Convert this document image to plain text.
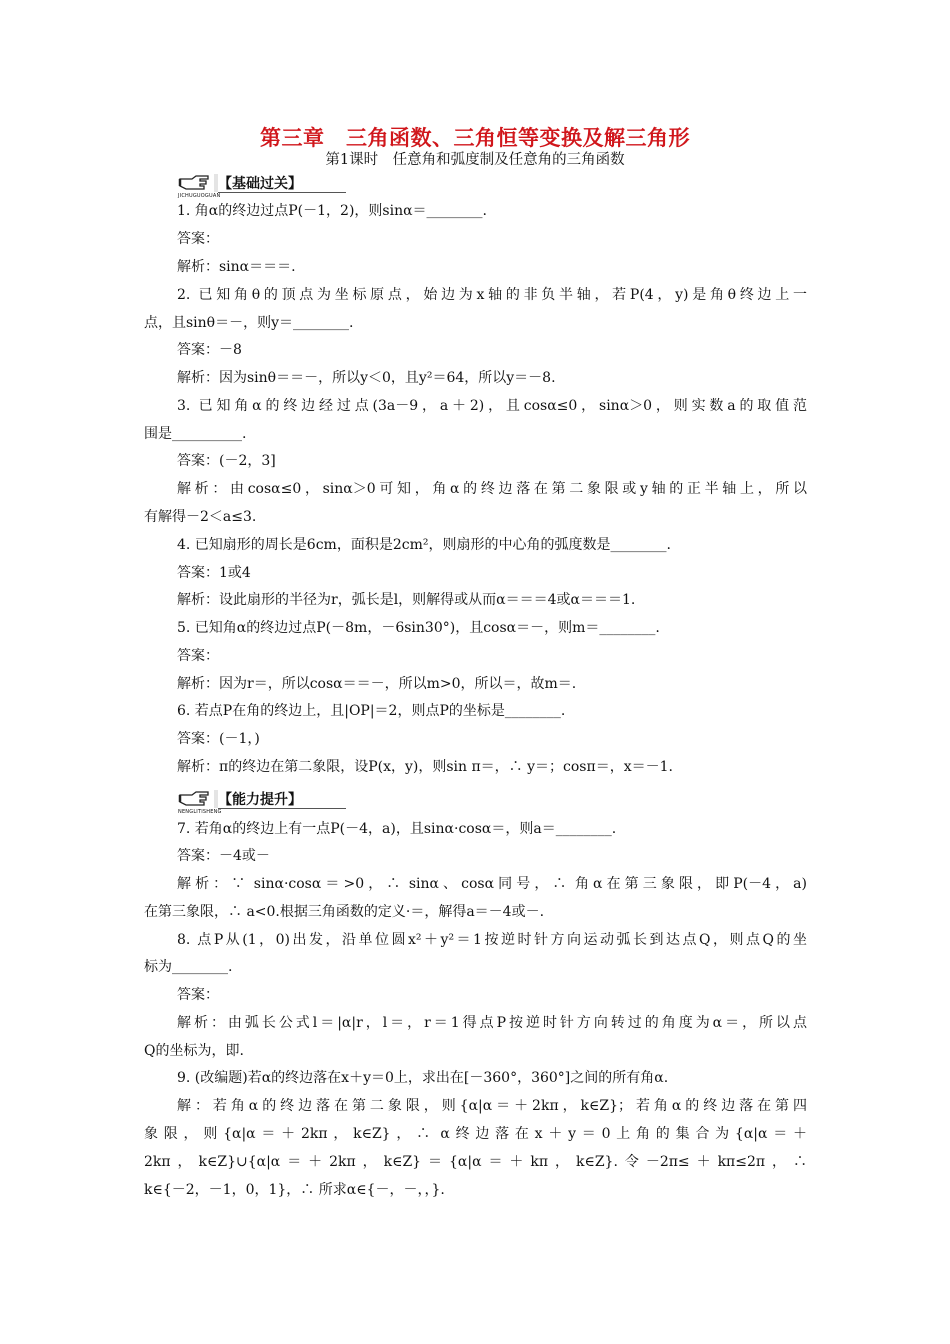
第三章　三角函数、三角恒等变换及解三角形
第1课时　任意角和弧度制及任意角的三角函数
【基础过关】
JICHUGUOGUAN
1. 角α的终边过点P(－1，2)，则sinα＝________.
答案：
解析：sinα＝＝＝.
2. 已知角θ的顶点为坐标原点，始边为x轴的非负半轴，若P(4，y)是角θ终边上一
点，且sinθ＝－，则y＝________.
答案：－8
解析：因为sinθ＝＝－，所以y＜0，且y²＝64，所以y＝－8.
3. 已知角α的终边经过点(3a－9，a＋2)，且cosα≤0，sinα＞0，则实数a的取值范
围是__________.
答案：(－2，3]
解析：由cosα≤0，sinα＞0可知，角α的终边落在第二象限或y轴的正半轴上，所以
有解得－2＜a≤3.
4. 已知扇形的周长是6cm，面积是2cm²，则扇形的中心角的弧度数是________.
答案：1或4
解析：设此扇形的半径为r，弧长是l，则解得或从而α＝＝＝4或α＝＝＝1.
5. 已知角α的终边过点P(－8m，－6sin30°)，且cosα＝－，则m＝________.
答案：
解析：因为r＝，所以cosα＝＝－，所以m>0，所以＝，故m＝.
6. 若点P在角的终边上，且|OP|＝2，则点P的坐标是________.
答案：(－1，)
解析：π的终边在第二象限，设P(x，y)，则sin π＝，∴ y＝；cosπ＝，x＝－1.
【能力提升】
NENGLITISHENG
7. 若角α的终边上有一点P(－4，a)，且sinα·cosα＝，则a＝________.
答案：－4或－
解析：∵ sinα·cosα＝>0，∴ sinα、cosα同号，∴ 角α在第三象限，即P(－4，a)
在第三象限，∴ a<0.根据三角函数的定义·＝，解得a＝－4或－.
8. 点P从(1，0)出发，沿单位圆x²＋y²＝1按逆时针方向运动弧长到达点Q，则点Q的坐
标为________.
答案：
解析：由弧长公式l＝|α|r，l＝，r＝1得点P按逆时针方向转过的角度为α＝，所以点
Q的坐标为，即.
9. (改编题)若α的终边落在x＋y＝0上，求出在[－360°，360°]之间的所有角α.
解：若角α的终边落在第二象限，则{α|α＝＋2kπ，k∈Z}；若角α的终边落在第四
象限，则{α|α＝＋2kπ，k∈Z}，∴ α终边落在x＋y＝0上角的集合为{α|α＝＋
2kπ，k∈Z}∪{α|α＝＋2kπ，k∈Z}＝{α|α＝＋kπ，k∈Z}.令－2π≤＋kπ≤2π，∴
k∈{－2，－1，0，1}，∴ 所求α∈{－，－，，}.
